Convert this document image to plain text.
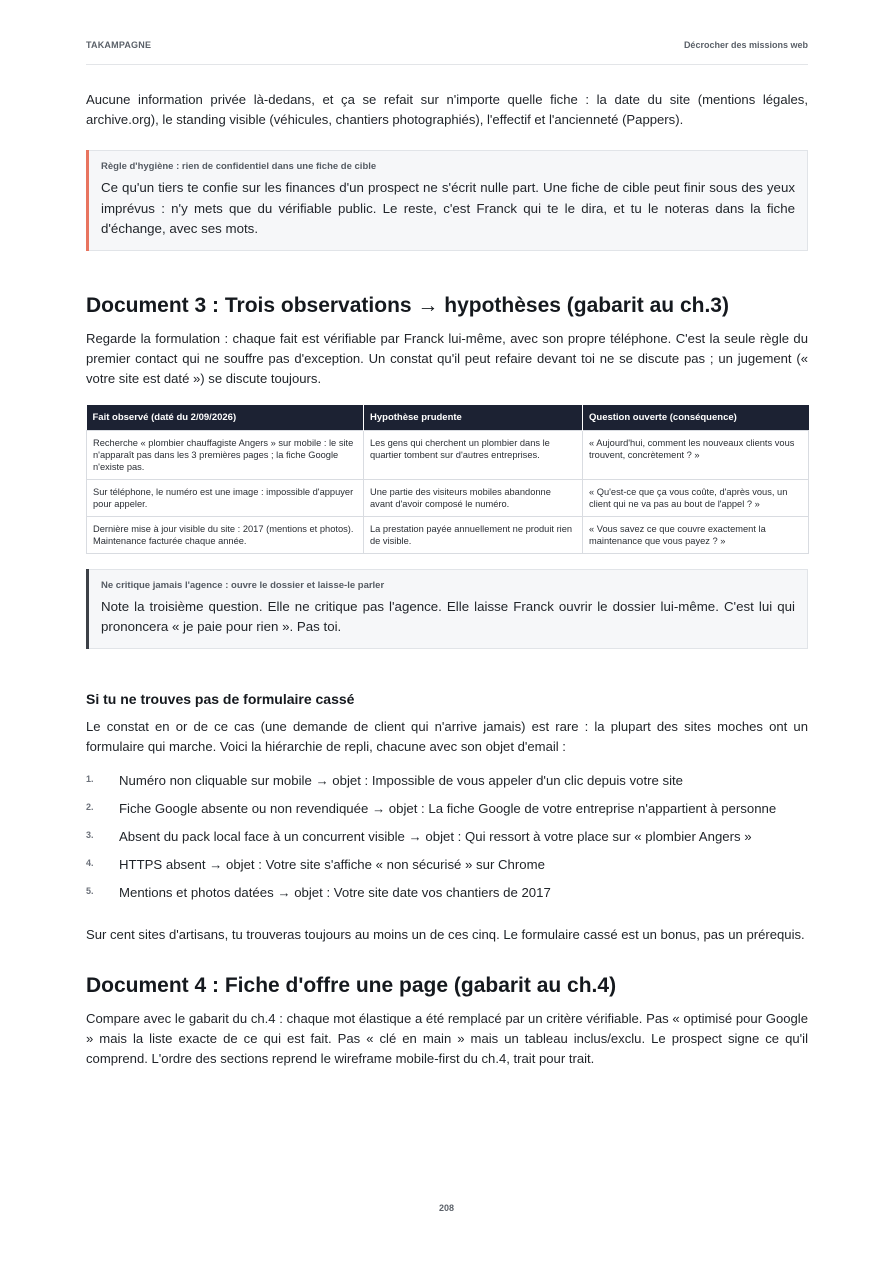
TAKAMPAGNE	Décrocher des missions web

Aucune information privée là-dedans, et ça se refait sur n'importe quelle fiche : la date du site (mentions légales, archive.org), le standing visible (véhicules, chantiers photographiés), l'effectif et l'ancienneté (Pappers).

Règle d'hygiène : rien de confidentiel dans une fiche de cible
Ce qu'un tiers te confie sur les finances d'un prospect ne s'écrit nulle part. Une fiche de cible peut finir sous des yeux imprévus : n'y mets que du vérifiable public. Le reste, c'est Franck qui te le dira, et tu le noteras dans la fiche d'échange, avec ses mots.
Document 3 : Trois observations → hypothèses (gabarit au ch.3)

Regarde la formulation : chaque fait est vérifiable par Franck lui-même, avec son propre téléphone. C'est la seule règle du premier contact qui ne souffre pas d'exception. Un constat qu'il peut refaire devant toi ne se discute pas ; un jugement (« votre site est daté ») se discute toujours.

Fait observé (daté du 2/09/2026)	Hypothèse prudente	Question ouverte (conséquence)
Recherche « plombier chauffagiste Angers » sur mobile : le site n'apparaît pas dans les 3 premières pages ; la fiche Google n'existe pas.	Les gens qui cherchent un plombier dans le quartier tombent sur d'autres entreprises.	« Aujourd'hui, comment les nouveaux clients vous trouvent, concrètement ? »
Sur téléphone, le numéro est une image : impossible d'appuyer pour appeler.	Une partie des visiteurs mobiles abandonne avant d'avoir composé le numéro.	« Qu'est-ce que ça vous coûte, d'après vous, un client qui ne va pas au bout de l'appel ? »
Dernière mise à jour visible du site : 2017 (mentions et photos). Maintenance facturée chaque année.	La prestation payée annuellement ne produit rien de visible.	« Vous savez ce que couvre exactement la maintenance que vous payez ? »
Ne critique jamais l'agence : ouvre le dossier et laisse-le parler
Note la troisième question. Elle ne critique pas l'agence. Elle laisse Franck ouvrir le dossier lui-même. C'est lui qui prononcera « je paie pour rien ». Pas toi.
Si tu ne trouves pas de formulaire cassé

Le constat en or de ce cas (une demande de client qui n'arrive jamais) est rare : la plupart des sites moches ont un formulaire qui marche. Voici la hiérarchie de repli, chacune avec son objet d'email :

1. Numéro non cliquable sur mobile → objet : Impossible de vous appeler d'un clic depuis votre site
2. Fiche Google absente ou non revendiquée → objet : La fiche Google de votre entreprise n'appartient à personne
3. Absent du pack local face à un concurrent visible → objet : Qui ressort à votre place sur « plombier Angers »
4. HTTPS absent → objet : Votre site s'affiche « non sécurisé » sur Chrome
5. Mentions et photos datées → objet : Votre site date vos chantiers de 2017

Sur cent sites d'artisans, tu trouveras toujours au moins un de ces cinq. Le formulaire cassé est un bonus, pas un prérequis.

Document 4 : Fiche d'offre une page (gabarit au ch.4)

Compare avec le gabarit du ch.4 : chaque mot élastique a été remplacé par un critère vérifiable. Pas « optimisé pour Google » mais la liste exacte de ce qui est fait. Pas « clé en main » mais un tableau inclus/exclu. Le prospect signe ce qu'il comprend. L'ordre des sections reprend le wireframe mobile-first du ch.4, trait pour trait.

208
